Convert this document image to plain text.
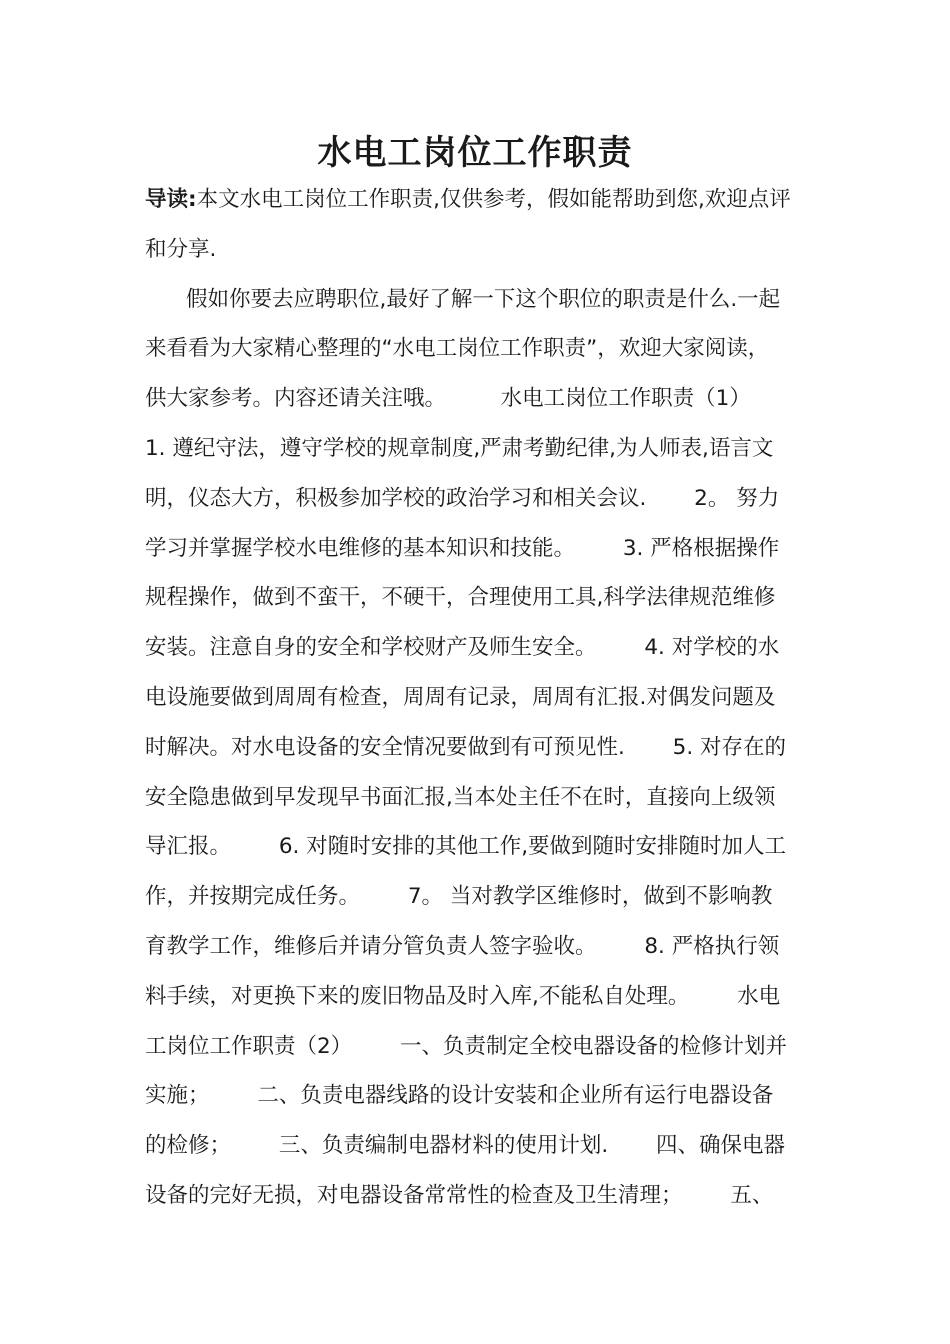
水电工岗位工作职责
导读:本文水电工岗位工作职责,仅供参考，假如能帮助到您,欢迎点评
和分享.
假如你要去应聘职位,最好了解一下这个职位的职责是什么.一起
来看看为大家精心整理的“水电工岗位工作职责”，欢迎大家阅读，
供大家参考。内容还请关注哦。        水电工岗位工作职责（1）
1. 遵纪守法，遵守学校的规章制度,严肃考勤纪律,为人师表,语言文
明，仪态大方，积极参加学校的政治学习和相关会议.       2。 努力
学习并掌握学校水电维修的基本知识和技能。       3. 严格根据操作
规程操作，做到不蛮干，不硬干，合理使用工具,科学法律规范维修
安装。注意自身的安全和学校财产及师生安全。       4. 对学校的水
电设施要做到周周有检查，周周有记录，周周有汇报.对偶发问题及
时解决。对水电设备的安全情况要做到有可预见性.       5. 对存在的
安全隐患做到早发现早书面汇报,当本处主任不在时，直接向上级领
导汇报。       6. 对随时安排的其他工作,要做到随时安排随时加人工
作，并按期完成任务。       7。 当对教学区维修时，做到不影响教
育教学工作，维修后并请分管负责人签字验收。       8. 严格执行领
料手续，对更换下来的废旧物品及时入库,不能私自处理。       水电
工岗位工作职责（2）       一、负责制定全校电器设备的检修计划并
实施；       二、负责电器线路的设计安装和企业所有运行电器设备
的检修；       三、负责编制电器材料的使用计划.       四、确保电器
设备的完好无损，对电器设备常常性的检查及卫生清理；       五、
